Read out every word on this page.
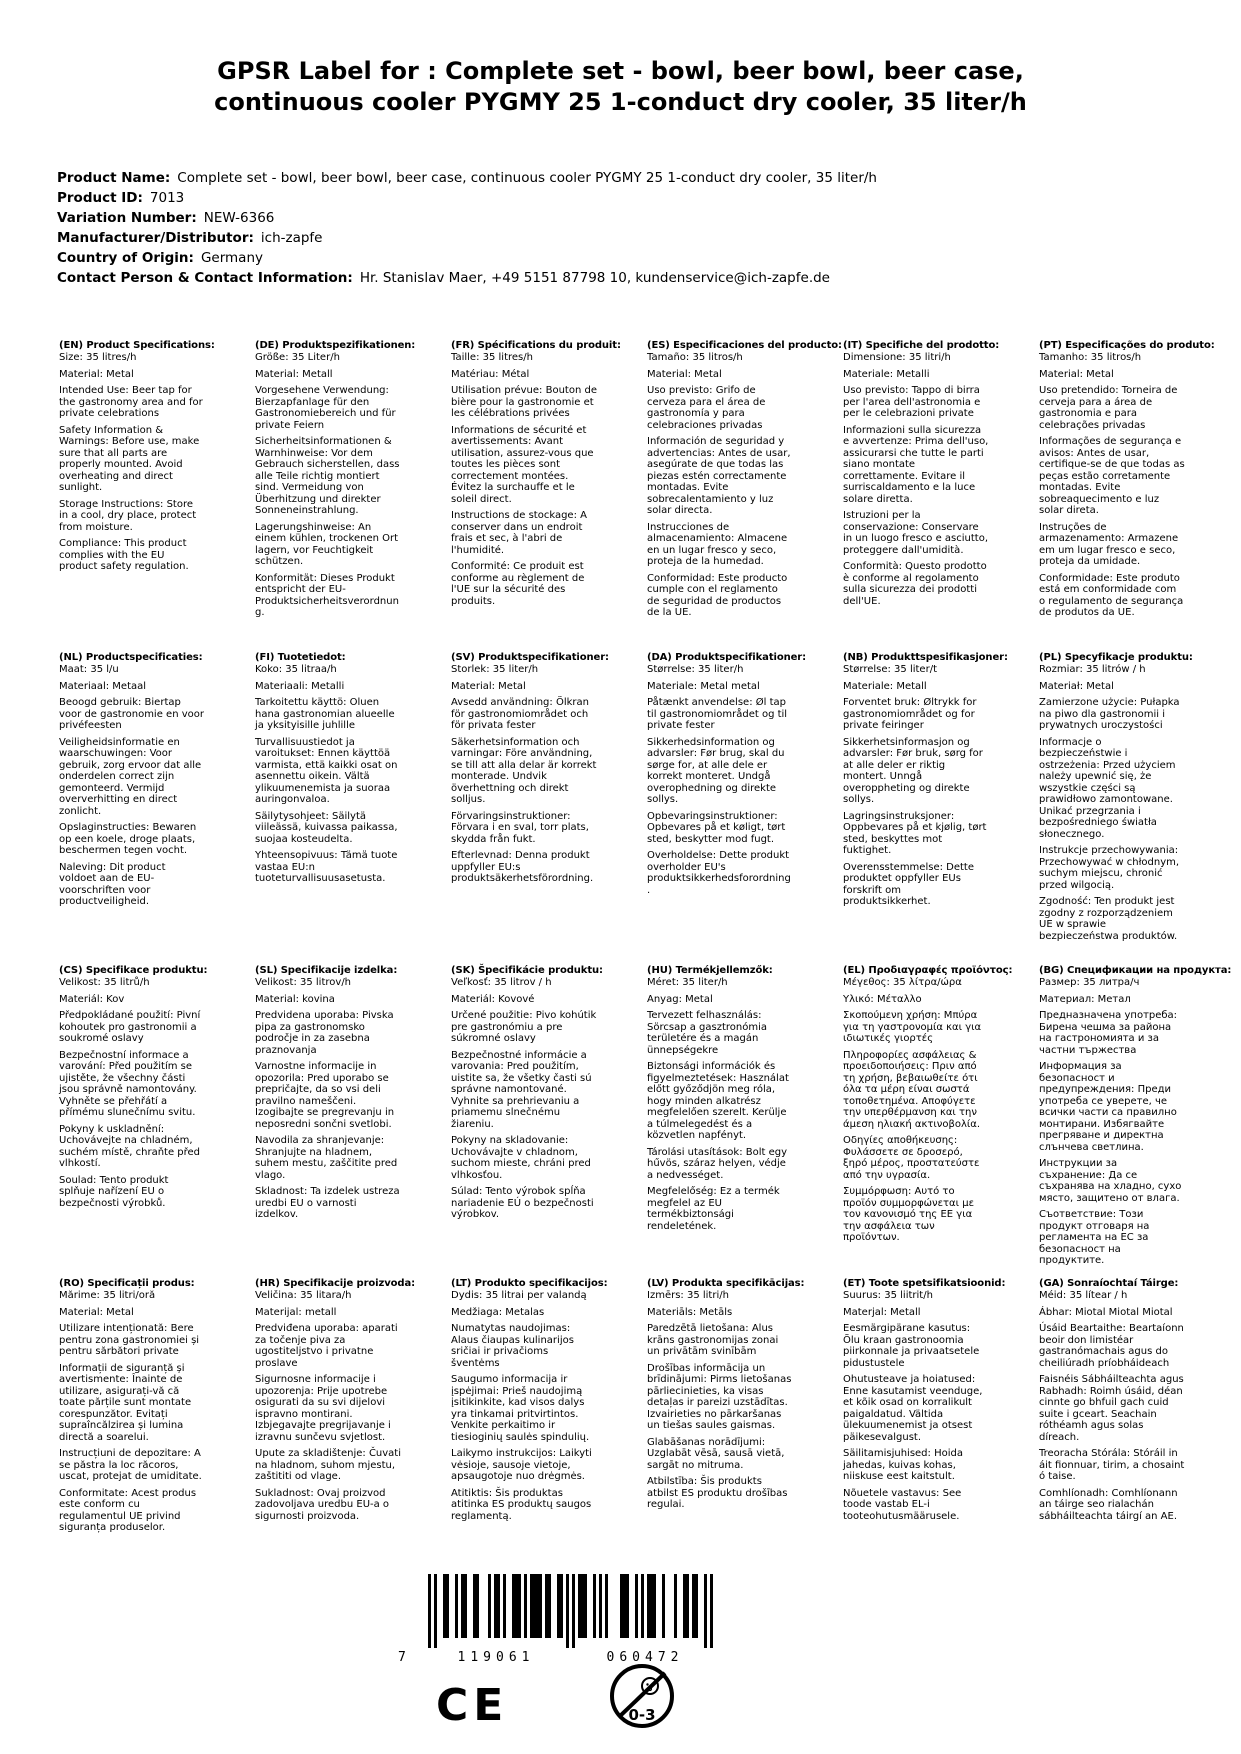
GPSR Label for : Complete set - bowl, beer bowl, beer case, continuous cooler PYGMY 25 1-conduct dry cooler, 35 liter/h
Product Name: Complete set - bowl, beer bowl, beer case, continuous cooler PYGMY 25 1-conduct dry cooler, 35 liter/h
Product ID: 7013
Variation Number: NEW-6366
Manufacturer/Distributor: ich-zapfe
Country of Origin: Germany
Contact Person & Contact Information: Hr. Stanislav Maer, +49 5151 87798 10, kundenservice@ich-zapfe.de
(EN) Product Specifications:
Size: 35 litres/h
Material: Metal
Intended Use: Beer tap for the gastronomy area and for private celebrations
Safety Information & Warnings: Before use, make sure that all parts are properly mounted. Avoid overheating and direct sunlight.
Storage Instructions: Store in a cool, dry place, protect from moisture.
Compliance: This product complies with the EU product safety regulation.
(DE) Produktspezifikationen:
Größe: 35 Liter/h
Material: Metall
Vorgesehene Verwendung: Bierzapfanlage für den Gastronomiebereich und für private Feiern
Sicherheitsinformationen & Warnhinweise: Vor dem Gebrauch sicherstellen, dass alle Teile richtig montiert sind. Vermeidung von Überhitzung und direkter Sonneneinstrahlung.
Lagerungshinweise: An einem kühlen, trockenen Ort lagern, vor Feuchtigkeit schützen.
Konformität: Dieses Produkt entspricht der EU-Produktsicherheitsverordnung.
(FR) Spécifications du produit:
Taille: 35 litres/h
Matériau: Métal
Utilisation prévue: Bouton de bière pour la gastronomie et les célébrations privées
Informations de sécurité et avertissements: Avant utilisation, assurez-vous que toutes les pièces sont correctement montées. Évitez la surchauffe et le soleil direct.
Instructions de stockage: A conserver dans un endroit frais et sec, à l'abri de l'humidité.
Conformité: Ce produit est conforme au règlement de l'UE sur la sécurité des produits.
(ES) Especificaciones del producto:
Tamaño: 35 litros/h
Material: Metal
Uso previsto: Grifo de cerveza para el área de gastronomía y para celebraciones privadas
Información de seguridad y advertencias: Antes de usar, asegúrate de que todas las piezas estén correctamente montadas. Evite sobrecalentamiento y luz solar directa.
Instrucciones de almacenamiento: Almacene en un lugar fresco y seco, proteja de la humedad.
Conformidad: Este producto cumple con el reglamento de seguridad de productos de la UE.
(IT) Specifiche del prodotto:
Dimensione: 35 litri/h
Materiale: Metalli
Uso previsto: Tappo di birra per l'area dell'astronomia e per le celebrazioni private
Informazioni sulla sicurezza e avvertenze: Prima dell'uso, assicurarsi che tutte le parti siano montate correttamente. Evitare il surriscaldamento e la luce solare diretta.
Istruzioni per la conservazione: Conservare in un luogo fresco e asciutto, proteggere dall'umidità.
Conformità: Questo prodotto è conforme al regolamento sulla sicurezza dei prodotti dell'UE.
(PT) Especificações do produto:
Tamanho: 35 litros/h
Material: Metal
Uso pretendido: Torneira de cerveja para a área de gastronomia e para celebrações privadas
Informações de segurança e avisos: Antes de usar, certifique-se de que todas as peças estão corretamente montadas. Evite sobreaquecimento e luz solar direta.
Instruções de armazenamento: Armazene em um lugar fresco e seco, proteja da umidade.
Conformidade: Este produto está em conformidade com o regulamento de segurança de produtos da UE.
(NL) Productspecificaties:
Maat: 35 l/u
Materiaal: Metaal
Beoogd gebruik: Biertap voor de gastronomie en voor privéfeesten
Veiligheidsinformatie en waarschuwingen: Voor gebruik, zorg ervoor dat alle onderdelen correct zijn gemonteerd. Vermijd oververhitting en direct zonlicht.
Opslaginstructies: Bewaren op een koele, droge plaats, beschermen tegen vocht.
Naleving: Dit product voldoet aan de EU-voorschriften voor productveiligheid.
(FI) Tuotetiedot:
Koko: 35 litraa/h
Materiaali: Metalli
Tarkoitettu käyttö: Oluen hana gastronomian alueelle ja yksityisille juhlille
Turvallisuustiedot ja varoitukset: Ennen käyttöä varmista, että kaikki osat on asennettu oikein. Vältä ylikuumenemista ja suoraa auringonvaloa.
Säilytysohjeet: Säilytä viileässä, kuivassa paikassa, suojaa kosteudelta.
Yhteensopivuus: Tämä tuote vastaa EU:n tuoteturvallisuusasetusta.
(SV) Produktspecifikationer:
Storlek: 35 liter/h
Material: Metal
Avsedd användning: Ölkran för gastronomiområdet och för privata fester
Säkerhetsinformation och varningar: Före användning, se till att alla delar är korrekt monterade. Undvik överhettning och direkt solljus.
Förvaringsinstruktioner: Förvara i en sval, torr plats, skydda från fukt.
Efterlevnad: Denna produkt uppfyller EU:s produktsäkerhetsförordning.
(DA) Produktspecifikationer:
Størrelse: 35 liter/h
Materiale: Metal metal
Påtænkt anvendelse: Øl tap til gastronomiområdet og til private fester
Sikkerhedsinformation og advarsler: Før brug, skal du sørge for, at alle dele er korrekt monteret. Undgå overophedning og direkte sollys.
Opbevaringsinstruktioner: Opbevares på et køligt, tørt sted, beskytter mod fugt.
Overholdelse: Dette produkt overholder EU's produktsikkerhedsforordning.
(NB) Produkttspesifikasjoner:
Størrelse: 35 liter/t
Materiale: Metall
Forventet bruk: Øltrykk for gastronomiområdet og for private feiringer
Sikkerhetsinformasjon og advarsler: Før bruk, sørg for at alle deler er riktig montert. Unngå overoppheting og direkte sollys.
Lagringsinstruksjoner: Oppbevares på et kjølig, tørt sted, beskyttes mot fuktighet.
Overensstemmelse: Dette produktet oppfyller EUs forskrift om produktsikkerhet.
(PL) Specyfikacje produktu:
Rozmiar: 35 litrów / h
Materiał: Metal
Zamierzone użycie: Pułapka na piwo dla gastronomii i prywatnych uroczystości
Informacje o bezpieczeństwie i ostrzeżenia: Przed użyciem należy upewnić się, że wszystkie części są prawidłowo zamontowane. Unikać przegrzania i bezpośredniego światła słonecznego.
Instrukcje przechowywania: Przechowywać w chłodnym, suchym miejscu, chronić przed wilgocią.
Zgodność: Ten produkt jest zgodny z rozporządzeniem UE w sprawie bezpieczeństwa produktów.
(CS) Specifikace produktu:
Velikost: 35 litrů/h
Materiál: Kov
Předpokládané použití: Pivní kohoutek pro gastronomii a soukromé oslavy
Bezpečnostní informace a varování: Před použitím se ujistěte, že všechny části jsou správně namontovány. Vyhněte se přehřátí a přímému slunečnímu svitu.
Pokyny k uskladnění: Uchovávejte na chladném, suchém místě, chraňte před vlhkostí.
Soulad: Tento produkt splňuje nařízení EU o bezpečnosti výrobků.
(SL) Specifikacije izdelka:
Velikost: 35 litrov/h
Material: kovina
Predvidena uporaba: Pivska pipa za gastronomsko področje in za zasebna praznovanja
Varnostne informacije in opozorila: Pred uporabo se prepričajte, da so vsi deli pravilno nameščeni. Izogibajte se pregrevanju in neposredni sončni svetlobi.
Navodila za shranjevanje: Shranjujte na hladnem, suhem mestu, zaščitite pred vlago.
Skladnost: Ta izdelek ustreza uredbi EU o varnosti izdelkov.
(SK) Špecifikácie produktu:
Veľkosť: 35 litrov / h
Materiál: Kovové
Určené použitie: Pivo kohútik pre gastronómiu a pre súkromné oslavy
Bezpečnostné informácie a varovania: Pred použitím, uistite sa, že všetky časti sú správne namontované. Vyhnite sa prehrievaniu a priamemu slnečnému žiareniu.
Pokyny na skladovanie: Uchovávajte v chladnom, suchom mieste, chráni pred vlhkosťou.
Súlad: Tento výrobok spĺňa nariadenie EÚ o bezpečnosti výrobkov.
(HU) Termékjellemzők:
Méret: 35 liter/h
Anyag: Metal
Tervezett felhasználás: Sörcsap a gasztronómia területére és a magán ünnepségekre
Biztonsági információk és figyelmeztetések: Használat előtt győződjön meg róla, hogy minden alkatrész megfelelően szerelt. Kerülje a túlmelegedést és a közvetlen napfényt.
Tárolási utasítások: Bolt egy hűvös, száraz helyen, védje a nedvességet.
Megfelelőség: Ez a termék megfelel az EU termékbiztonsági rendeletének.
(EL) Προδιαγραφές προϊόντος:
Μέγεθος: 35 λίτρα/ώρα
Υλικό: Μέταλλο
Σκοπούμενη χρήση: Μπύρα για τη γαστρονομία και για ιδιωτικές γιορτές
Πληροφορίες ασφάλειας & προειδοποιήσεις: Πριν από τη χρήση, βεβαιωθείτε ότι όλα τα μέρη είναι σωστά τοποθετημένα. Αποφύγετε την υπερθέρμανση και την άμεση ηλιακή ακτινοβολία.
Οδηγίες αποθήκευσης: Φυλάσσετε σε δροσερό, ξηρό μέρος, προστατεύστε από την υγρασία.
Συμμόρφωση: Αυτό το προϊόν συμμορφώνεται με τον κανονισμό της ΕΕ για την ασφάλεια των προϊόντων.
(BG) Спецификации на продукта:
Размер: 35 литра/ч
Материал: Метал
Предназначена употреба: Бирена чешма за района на гастрономията и за частни тържества
Информация за безопасност и предупреждения: Преди употреба се уверете, че всички части са правилно монтирани. Избягвайте прегряване и директна слънчева светлина.
Инструкции за съхранение: Да се съхранява на хладно, сухо място, защитено от влага.
Съответствие: Този продукт отговаря на регламента на ЕС за безопасност на продуктите.
(RO) Specificații produs:
Mărime: 35 litri/oră
Material: Metal
Utilizare intenționată: Bere pentru zona gastronomiei și pentru sărbători private
Informații de siguranță și avertismente: Înainte de utilizare, asigurați-vă că toate părțile sunt montate corespunzător. Evitați supraîncălzirea și lumina directă a soarelui.
Instrucțiuni de depozitare: A se păstra la loc răcoros, uscat, protejat de umiditate.
Conformitate: Acest produs este conform cu regulamentul UE privind siguranța produselor.
(HR) Specifikacije proizvoda:
Veličina: 35 litara/h
Materijal: metall
Predviđena uporaba: aparati za točenje piva za ugostiteljstvo i privatne proslave
Sigurnosne informacije i upozorenja: Prije upotrebe osigurati da su svi dijelovi ispravno montirani. Izbjegavajte pregrijavanje i izravnu sunčevu svjetlost.
Upute za skladištenje: Čuvati na hladnom, suhom mjestu, zaštititi od vlage.
Sukladnost: Ovaj proizvod zadovoljava uredbu EU-a o sigurnosti proizvoda.
(LT) Produkto specifikacijos:
Dydis: 35 litrai per valandą
Medžiaga: Metalas
Numatytas naudojimas: Alaus čiaupas kulinarijos sričiai ir privačioms šventėms
Saugumo informacija ir įspėjimai: Prieš naudojimą įsitikinkite, kad visos dalys yra tinkamai pritvirtintos. Venkite perkaitimo ir tiesioginių saulės spindulių.
Laikymo instrukcijos: Laikyti vėsioje, sausoje vietoje, apsaugotoje nuo drėgmės.
Atitiktis: Šis produktas atitinka ES produktų saugos reglamentą.
(LV) Produkta specifikācijas:
Izmērs: 35 litri/h
Materiāls: Metāls
Paredzētā lietošana: Alus krāns gastronomijas zonai un privātām svinībām
Drošības informācija un brīdinājumi: Pirms lietošanas pārliecinieties, ka visas detaļas ir pareizi uzstādītas. Izvairieties no pārkaršanas un tiešas saules gaismas.
Glabāšanas norādījumi: Uzglabāt vēsā, sausā vietā, sargāt no mitruma.
Atbilstība: Šis produkts atbilst ES produktu drošības regulai.
(ET) Toote spetsifikatsioonid:
Suurus: 35 liitrit/h
Materjal: Metall
Eesmärgipärane kasutus: Õlu kraan gastronoomia piirkonnale ja privaatsetele pidustustele
Ohutusteave ja hoiatused: Enne kasutamist veenduge, et kõik osad on korralikult paigaldatud. Vältida ülekuumenemist ja otsest päikesevalgust.
Säilitamisjuhised: Hoida jahedas, kuivas kohas, niiskuse eest kaitstult.
Nõuetele vastavus: See toode vastab EL-i tooteohutusmäärusele.
(GA) Sonraíochtaí Táirge:
Méid: 35 lítear / h
Ábhar: Miotal Miotal Miotal
Úsáid Beartaithe: Beartaíonn beoir don limistéar gastranómachais agus do cheiliúradh príobháideach
Faisnéis Sábháilteachta agus Rabhadh: Roimh úsáid, déan cinnte go bhfuil gach cuid suite i gceart. Seachain róthéamh agus solas díreach.
Treoracha Stórála: Stóráil in áit fionnuar, tirim, a chosaint ó taise.
Comhlíonadh: Comhlíonann an táirge seo rialachán sábháilteachta táirgí an AE.
7	119061	060472
CE	0-3
